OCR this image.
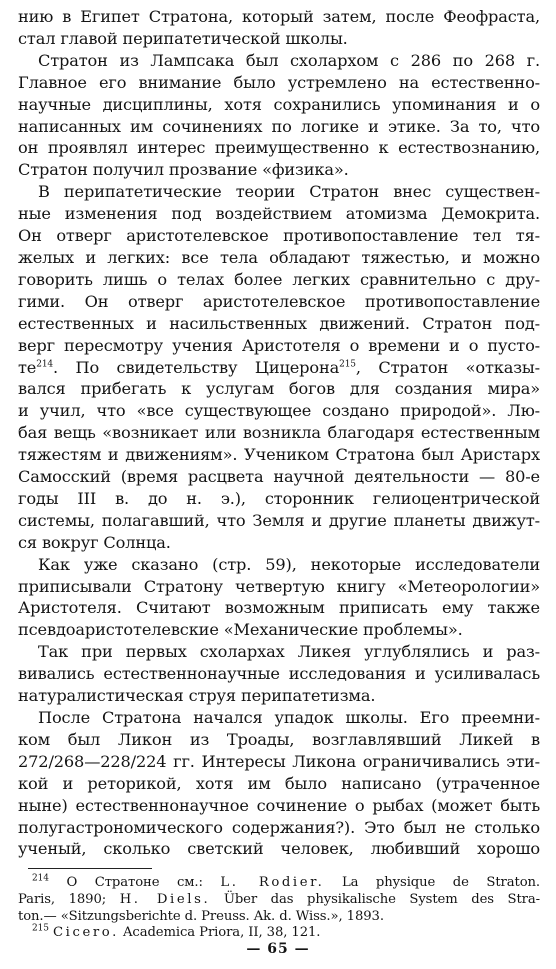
нию в Египет Стратона, который затем, после Феофраста,
стал главой перипатетической школы.

Стратон из Лампсака был схолархом с 286 по 268 г.
Главное его внимание было устремлено на естественно-
научные дисциплины, хотя сохранились упоминания и о
написанных им сочинениях по логике и этике. За то, что
он проявлял интерес преимущественно к естествознанию,
Стратон получил прозвание «физика».

В перипатетические теории Стратон внес существен-
ные изменения под воздействием атомизма Демокрита.
Он отверг аристотелевское противопоставление тел тя-
желых и легких: все тела обладают тяжестью, и можно
говорить лишь о телах более легких сравнительно с дру-
гими. Он отверг аристотелевское противопоставление
естественных и насильственных движений. Стратон под-
верг пересмотру учения Аристотеля о времени и о пусто-
$те^{214}$. По свидетельству Цицерона$^{215}$, Стратон «отказы-
вался прибегать к услугам богов для создания мира»
и учил, что «все существующее создано природой». Лю-
бая вещь «возникает или возникла благодаря естественным
тяжестям и движениям». Учеником Стратона был Аристарх
Самосский (время расцвета научной деятельности — 80-е
годы III в. до н. э.), сторонник гелиоцентрической
системы, полагавший, что Земля и другие планеты движут-
ся вокруг Солнца.

Как уже сказано (стр. 59), некоторые исследователи
приписывали Стратону четвертую книгу «Метеорологии»
Аристотеля. Считают возможным приписать ему также
псевдоаристотелевские «Механические проблемы».

Так при первых схолархах Ликея углублялись и раз-
вивались естественнонаучные исследования и усиливалась
натуралистическая струя перипатетизма.

После Стратона начался упадок школы. Его преемни-
ком был Ликон из Троады, возглавлявший Ликей в
272/268—228/224 гг. Интересы Ликона ограничивались эти-
кой и реторикой, хотя им было написано (утраченное
ныне) естественнонаучное сочинение о рыбах (может быть
полугастрономического содержания?). Это был не столько
ученый, сколько светский человек, любивший хорошо

$^{214}$ О Стратоне см.: L. Rodier. La physique de Straton.
Paris, 1890; H. Diels. Über das physikalische System des Stra-
ton.— «Sitzungsberichte d. Preuss. Ak. d. Wiss.», 1893.
$^{215}$ Cicero. Academica Priora, II, 38, 121.
— 65 —
